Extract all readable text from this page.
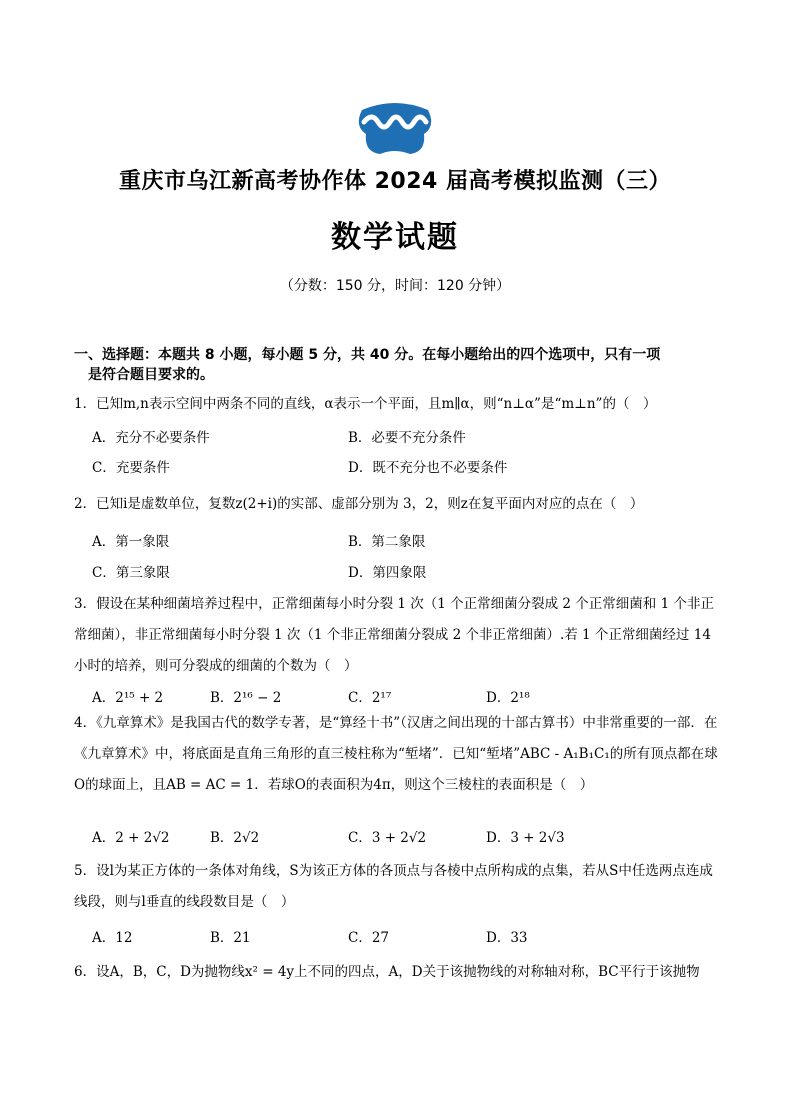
重庆市乌江新高考协作体 2024 届高考模拟监测（三）
数学试题
（分数：150 分，时间：120 分钟）
一、选择题：本题共 8 小题，每小题 5 分，共 40 分。在每小题给出的四个选项中，只有一项
是符合题目要求的。
1．已知m,n表示空间中两条不同的直线，α表示一个平面，且m∥α，则“n⊥α”是“m⊥n”的（　）
A．充分不必要条件	B．必要不充分条件
C．充要条件	D．既不充分也不必要条件
2．已知i是虚数单位，复数z(2+i)的实部、虚部分别为 3，2，则z在复平面内对应的点在（　）
A．第一象限	B．第二象限
C．第三象限	D．第四象限
3．假设在某种细菌培养过程中，正常细菌每小时分裂 1 次（1 个正常细菌分裂成 2 个正常细菌和 1 个非正常细菌），非正常细菌每小时分裂 1 次（1 个非正常细菌分裂成 2 个非正常细菌）.若 1 个正常细菌经过 14 小时的培养，则可分裂成的细菌的个数为（　）
A．2¹⁵ + 2	B．2¹⁶ − 2	C．2¹⁷	D．2¹⁸
4．《九章算术》是我国古代的数学专著，是“算经十书”（汉唐之间出现的十部古算书）中非常重要的一部．在《九章算术》中，将底面是直角三角形的直三棱柱称为“堑堵”．已知“堑堵”ABC - A₁B₁C₁的所有顶点都在球O的球面上，且AB = AC = 1．若球O的表面积为4π，则这个三棱柱的表面积是（　）
A．2 + 2√2	B．2√2	C．3 + 2√2	D．3 + 2√3
5．设l为某正方体的一条体对角线，S为该正方体的各顶点与各棱中点所构成的点集，若从S中任选两点连成线段，则与l垂直的线段数目是（　）
A．12	B．21	C．27	D．33
6．设A，B，C，D为抛物线x² = 4y上不同的四点，A，D关于该抛物线的对称轴对称，BC平行于该抛物
